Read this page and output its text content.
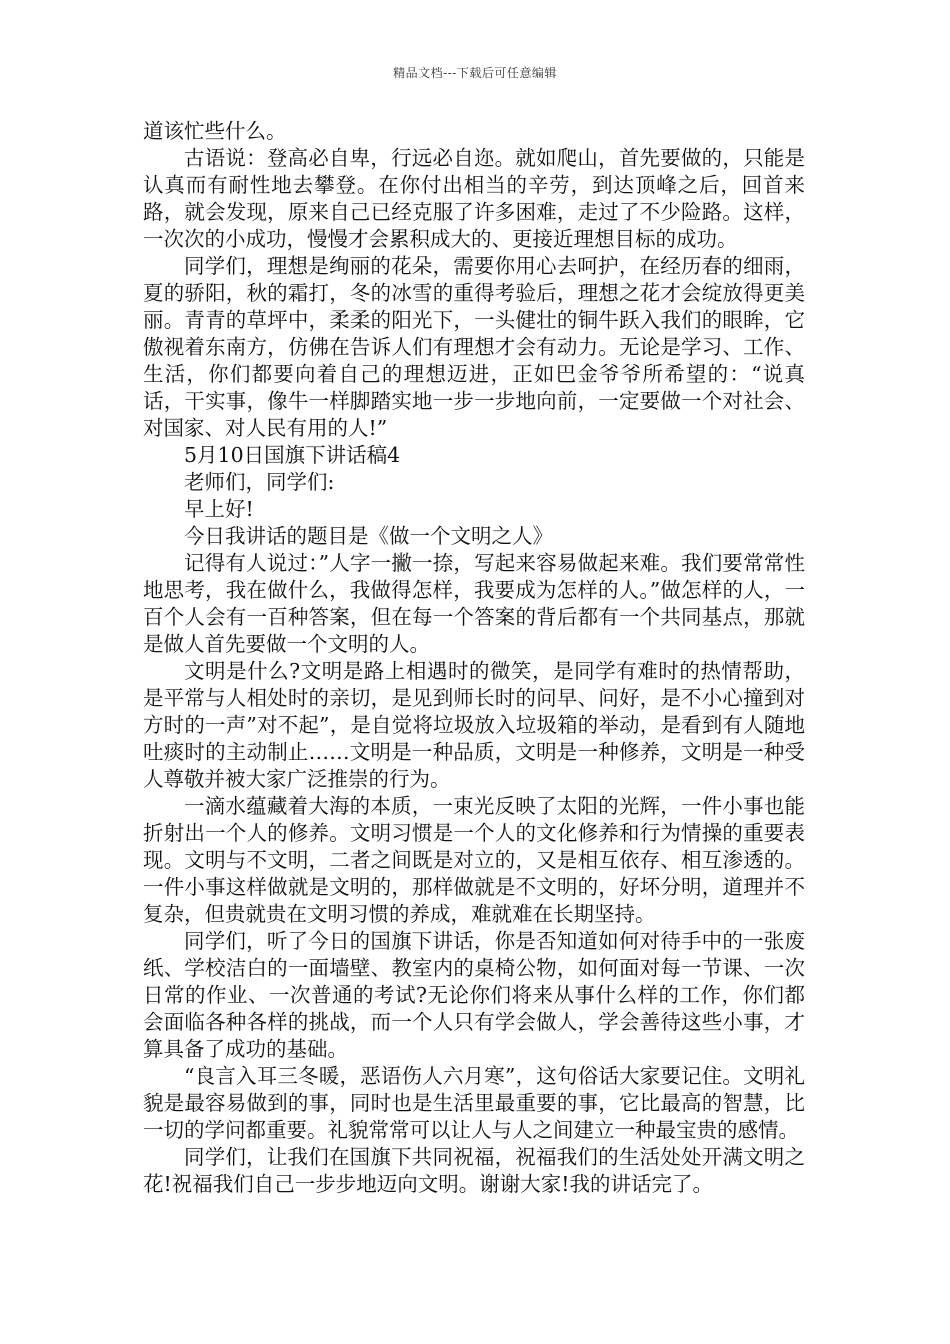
精品文档---下载后可任意编辑

道该忙些什么。

古语说：登高必自卑，行远必自迩。就如爬山，首先要做的，只能是认真而有耐性地去攀登。在你付出相当的辛劳，到达顶峰之后，回首来路，就会发现，原来自己已经克服了许多困难，走过了不少险路。这样，一次次的小成功，慢慢才会累积成大的、更接近理想目标的成功。

同学们，理想是绚丽的花朵，需要你用心去呵护，在经历春的细雨，夏的骄阳，秋的霜打，冬的冰雪的重得考验后，理想之花才会绽放得更美丽。青青的草坪中，柔柔的阳光下，一头健壮的铜牛跃入我们的眼眸，它傲视着东南方，仿佛在告诉人们有理想才会有动力。无论是学习、工作、生活，你们都要向着自己的理想迈进，正如巴金爷爷所希望的：“说真话，干实事，像牛一样脚踏实地一步一步地向前，一定要做一个对社会、对国家、对人民有用的人!”

5月10日国旗下讲话稿4

老师们，同学们:

早上好!

今日我讲话的题目是《做一个文明之人》

记得有人说过：”人字一撇一捺，写起来容易做起来难。我们要常常性地思考，我在做什么，我做得怎样，我要成为怎样的人。”做怎样的人，一百个人会有一百种答案，但在每一个答案的背后都有一个共同基点，那就是做人首先要做一个文明的人。

文明是什么?文明是路上相遇时的微笑，是同学有难时的热情帮助，是平常与人相处时的亲切，是见到师长时的问早、问好，是不小心撞到对方时的一声”对不起”，是自觉将垃圾放入垃圾箱的举动，是看到有人随地吐痰时的主动制止……文明是一种品质，文明是一种修养，文明是一种受人尊敬并被大家广泛推崇的行为。

一滴水蕴藏着大海的本质，一束光反映了太阳的光辉，一件小事也能折射出一个人的修养。文明习惯是一个人的文化修养和行为情操的重要表现。文明与不文明，二者之间既是对立的，又是相互依存、相互渗透的。一件小事这样做就是文明的，那样做就是不文明的，好坏分明，道理并不复杂，但贵就贵在文明习惯的养成，难就难在长期坚持。

同学们，听了今日的国旗下讲话，你是否知道如何对待手中的一张废纸、学校洁白的一面墙壁、教室内的桌椅公物，如何面对每一节课、一次日常的作业、一次普通的考试?无论你们将来从事什么样的工作，你们都会面临各种各样的挑战，而一个人只有学会做人，学会善待这些小事，才算具备了成功的基础。

“良言入耳三冬暖，恶语伤人六月寒”，这句俗话大家要记住。文明礼貌是最容易做到的事，同时也是生活里最重要的事，它比最高的智慧，比一切的学问都重要。礼貌常常可以让人与人之间建立一种最宝贵的感情。

同学们，让我们在国旗下共同祝福，祝福我们的生活处处开满文明之花!祝福我们自己一步步地迈向文明。谢谢大家!我的讲话完了。
